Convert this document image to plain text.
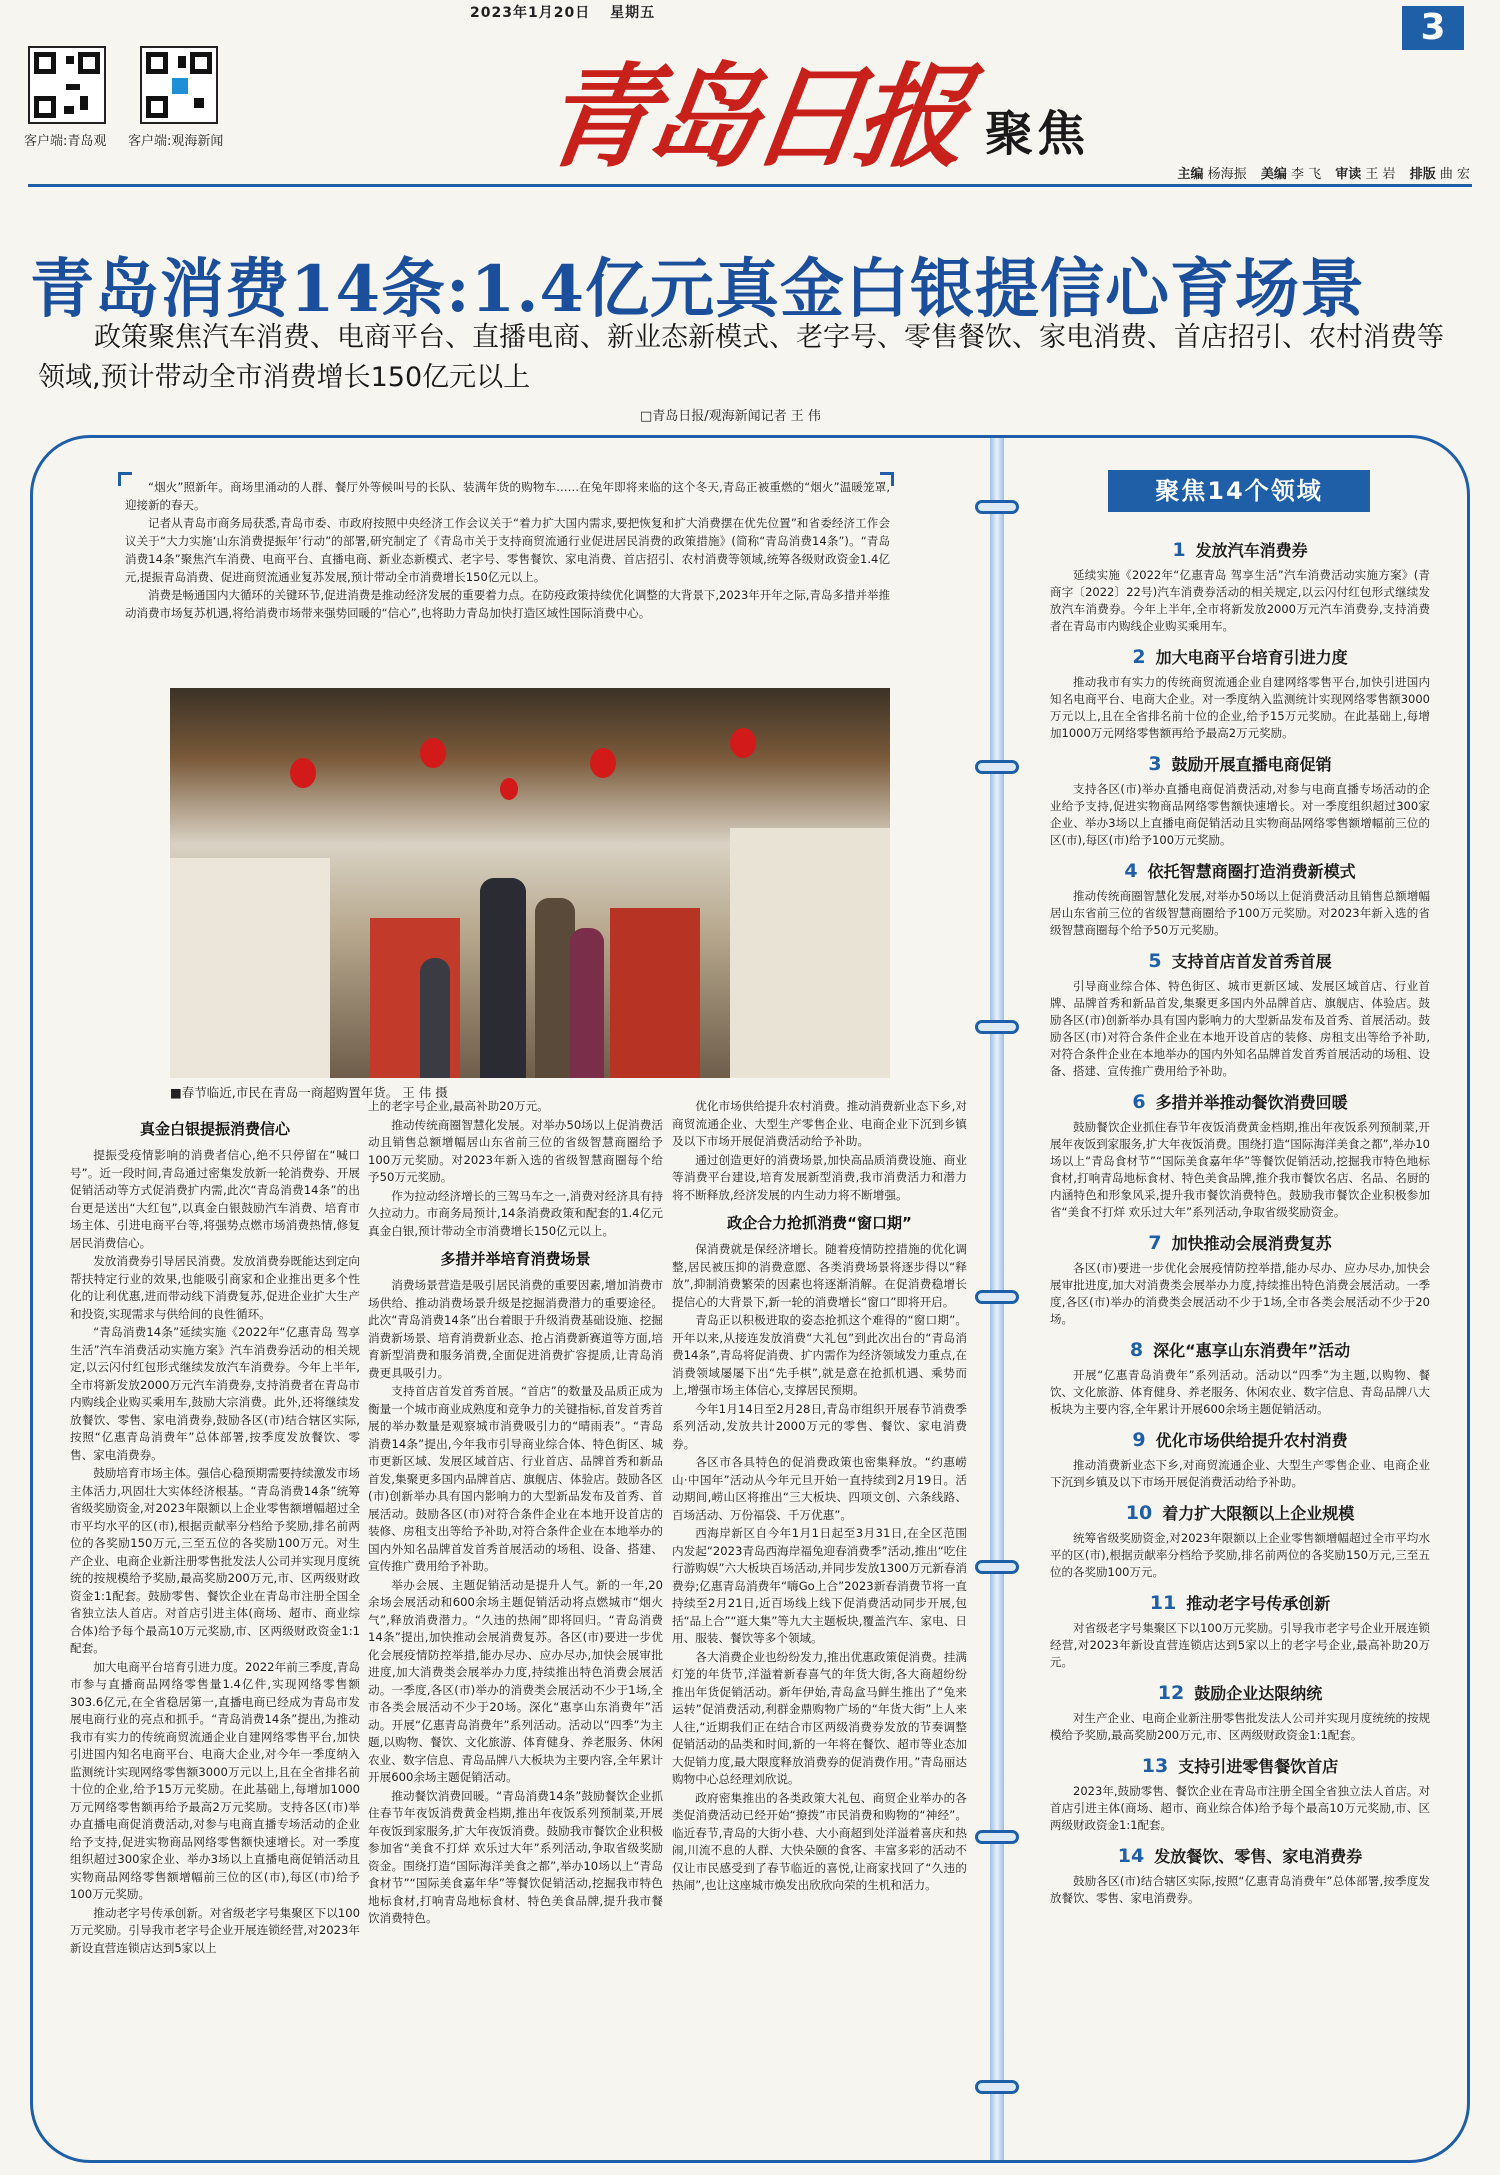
2023年1月20日 星期五	3
客户端:青岛观 客户端:观海新闻	青岛日报 聚焦
主编 杨海振 美编 李 飞 审读 王 岩 排版 曲 宏
青岛消费14条:1.4亿元真金白银提信心育场景
政策聚焦汽车消费、电商平台、直播电商、新业态新模式、老字号、零售餐饮、家电消费、首店招引、农村消费等领域,预计带动全市消费增长150亿元以上
□青岛日报/观海新闻记者 王 伟

“烟火”照新年。商场里涌动的人群、餐厅外等候叫号的长队、装满年货的购物车……在兔年即将来临的这个冬天,青岛正被重燃的“烟火”温暖笼罩,迎接新的春天。

记者从青岛市商务局获悉,青岛市委、市政府按照中央经济工作会议关于“着力扩大国内需求,要把恢复和扩大消费摆在优先位置”和省委经济工作会议关于“大力实施‘山东消费提振年’行动”的部署,研究制定了《青岛市关于支持商贸流通行业促进居民消费的政策措施》(简称“青岛消费14条”)。“青岛消费14条”聚焦汽车消费、电商平台、直播电商、新业态新模式、老字号、零售餐饮、家电消费、首店招引、农村消费等领域,统筹各级财政资金1.4亿元,提振青岛消费、促进商贸流通业复苏发展,预计带动全市消费增长150亿元以上。

消费是畅通国内大循环的关键环节,促进消费是推动经济发展的重要着力点。在防疫政策持续优化调整的大背景下,2023年开年之际,青岛多措并举推动消费市场复苏机遇,将给消费市场带来强势回暖的“信心”,也将助力青岛加快打造区域性国际消费中心。

■春节临近,市民在青岛一商超购置年货。 王 伟 摄
真金白银提振消费信心

提振受疫情影响的消费者信心,绝不只停留在“喊口号”。近一段时间,青岛通过密集发放新一轮消费券、开展促销活动等方式促消费扩内需,此次“青岛消费14条”的出台更是送出“大红包”,以真金白银鼓励汽车消费、培育市场主体、引进电商平台等,将强势点燃市场消费热情,修复居民消费信心。

发放消费券引导居民消费。发放消费券既能达到定向帮扶特定行业的效果,也能吸引商家和企业推出更多个性化的让利优惠,进而带动线下消费复苏,促进企业扩大生产和投资,实现需求与供给间的良性循环。

“青岛消费14条”延续实施《2022年“亿惠青岛 驾享生活”汽车消费活动实施方案》汽车消费券活动的相关规定,以云闪付红包形式继续发放汽车消费券。今年上半年,全市将新发放2000万元汽车消费券,支持消费者在青岛市内购线企业购买乘用车,鼓励大宗消费。此外,还将继续发放餐饮、零售、家电消费券,鼓励各区(市)结合辖区实际,按照“亿惠青岛消费年”总体部署,按季度发放餐饮、零售、家电消费券。

鼓励培育市场主体。强信心稳预期需要持续激发市场主体活力,巩固壮大实体经济根基。“青岛消费14条”统筹省级奖励资金,对2023年限额以上企业零售额增幅超过全市平均水平的区(市),根据贡献率分档给予奖励,排名前两位的各奖励150万元,三至五位的各奖励100万元。对生产企业、电商企业新注册零售批发法人公司并实现月度统统的按规模给予奖励,最高奖励200万元,市、区两级财政资金1:1配套。鼓励零售、餐饮企业在青岛市注册全国全省独立法人首店。对首店引进主体(商场、超市、商业综合体)给予每个最高10万元奖励,市、区两级财政资金1:1配套。

加大电商平台培育引进力度。2022年前三季度,青岛市参与直播商品网络零售量1.4亿件,实现网络零售额303.6亿元,在全省稳居第一,直播电商已经成为青岛市发展电商行业的亮点和抓手。“青岛消费14条”提出,为推动我市有实力的传统商贸流通企业自建网络零售平台,加快引进国内知名电商平台、电商大企业,对今年一季度纳入监测统计实现网络零售额3000万元以上,且在全省排名前十位的企业,给予15万元奖励。在此基础上,每增加1000万元网络零售额再给予最高2万元奖励。支持各区(市)举办直播电商促消费活动,对参与电商直播专场活动的企业给予支持,促进实物商品网络零售额快速增长。对一季度组织超过300家企业、举办3场以上直播电商促销活动且实物商品网络零售额增幅前三位的区(市),每区(市)给予100万元奖励。

推动老字号传承创新。对省级老字号集聚区下以100万元奖励。引导我市老字号企业开展连锁经营,对2023年新设直营连锁店达到5家以上

上的老字号企业,最高补助20万元。

推动传统商圈智慧化发展。对举办50场以上促消费活动且销售总额增幅居山东省前三位的省级智慧商圈给予100万元奖励。对2023年新入选的省级智慧商圈每个给予50万元奖励。

作为拉动经济增长的三驾马车之一,消费对经济具有持久拉动力。市商务局预计,14条消费政策和配套的1.4亿元真金白银,预计带动全市消费增长150亿元以上。

多措并举培育消费场景

消费场景营造是吸引居民消费的重要因素,增加消费市场供给、推动消费场景升级是挖掘消费潜力的重要途径。此次“青岛消费14条”出台着眼于升级消费基础设施、挖掘消费新场景、培育消费新业态、抢占消费新赛道等方面,培育新型消费和服务消费,全面促进消费扩容提质,让青岛消费更具吸引力。

支持首店首发首秀首展。“首店”的数量及品质正成为衡量一个城市商业成熟度和竞争力的关键指标,首发首秀首展的举办数量是观察城市消费吸引力的“晴雨表”。“青岛消费14条”提出,今年我市引导商业综合体、特色街区、城市更新区域、发展区域首店、行业首店、品牌首秀和新品首发,集聚更多国内品牌首店、旗舰店、体验店。鼓励各区(市)创新举办具有国内影响力的大型新品发布及首秀、首展活动。鼓励各区(市)对符合条件企业在本地开设首店的装修、房租支出等给予补助,对符合条件企业在本地举办的国内外知名品牌首发首秀首展活动的场租、设备、搭建、宣传推广费用给予补助。

举办会展、主题促销活动是提升人气。新的一年,20余场会展活动和600余场主题促销活动将点燃城市“烟火气”,释放消费潜力。“久违的热闹”即将回归。“青岛消费14条”提出,加快推动会展消费复苏。各区(市)要进一步优化会展疫情防控举措,能办尽办、应办尽办,加快会展审批进度,加大消费类会展举办力度,持续推出特色消费会展活动。一季度,各区(市)举办的消费类会展活动不少于1场,全市各类会展活动不少于20场。深化“惠享山东消费年”活动。开展“亿惠青岛消费年”系列活动。活动以“四季”为主题,以购物、餐饮、文化旅游、体育健身、养老服务、休闲农业、数字信息、青岛品牌八大板块为主要内容,全年累计开展600余场主题促销活动。

推动餐饮消费回暖。“青岛消费14条”鼓励餐饮企业抓住春节年夜饭消费黄金档期,推出年夜饭系列预制菜,开展年夜饭到家服务,扩大年夜饭消费。鼓励我市餐饮企业积极参加省“美食不打烊 欢乐过大年”系列活动,争取省级奖励资金。围绕打造“国际海洋美食之都”,举办10场以上“青岛食材节”“国际美食嘉年华”等餐饮促销活动,挖掘我市特色地标食材,打响青岛地标食材、特色美食品牌,提升我市餐饮消费特色。

优化市场供给提升农村消费。推动消费新业态下乡,对商贸流通企业、大型生产零售企业、电商企业下沉到乡镇及以下市场开展促消费活动给予补助。

通过创造更好的消费场景,加快高品质消费设施、商业等消费平台建设,培育发展新型消费,我市消费活力和潜力将不断释放,经济发展的内生动力将不断增强。

政企合力抢抓消费“窗口期”

保消费就是保经济增长。随着疫情防控措施的优化调整,居民被压抑的消费意愿、各类消费场景将逐步得以“释放”,抑制消费繁荣的因素也将逐渐消解。在促消费稳增长提信心的大背景下,新一轮的消费增长“窗口”即将开启。

青岛正以积极进取的姿态抢抓这个难得的“窗口期”。开年以来,从接连发放消费“大礼包”到此次出台的“青岛消费14条”,青岛将促消费、扩内需作为经济领域发力重点,在消费领域屡屡下出“先手棋”,就是意在抢抓机遇、乘势而上,增强市场主体信心,支撑居民预期。

今年1月14日至2月28日,青岛市组织开展春节消费季系列活动,发放共计2000万元的零售、餐饮、家电消费券。

各区市各具特色的促消费政策也密集释放。“约惠崂山·中国年”活动从今年元旦开始一直持续到2月19日。活动期间,崂山区将推出“三大板块、四项文创、六条线路、百场活动、万份福袋、千万优惠”。

西海岸新区自今年1月1日起至3月31日,在全区范围内发起“2023青岛西海岸福兔迎春消费季”活动,推出“吃住行游购娱”六大板块百场活动,并同步发放1300万元新春消费券;亿惠青岛消费年“嗨Go上合”2023新春消费节将一直持续至2月21日,近百场线上线下促消费活动同步开展,包括“品上合”“逛大集”等九大主题板块,覆盖汽车、家电、日用、服装、餐饮等多个领域。

各大消费企业也纷纷发力,推出优惠政策促消费。挂满灯笼的年货节,洋溢着新春喜气的年货大街,各大商超纷纷推出年货促销活动。新年伊始,青岛盒马鲜生推出了“兔来运转”促消费活动,利群金鼎购物广场的“年货大街”上人来人往,“近期我们正在结合市区两级消费券发放的节奏调整促销活动的品类和时间,新的一年将在餐饮、超市等业态加大促销力度,最大限度释放消费券的促消费作用。”青岛丽达购物中心总经理刘欣说。

政府密集推出的各类政策大礼包、商贸企业举办的各类促消费活动已经开始“撩拨”市民消费和购物的“神经”。临近春节,青岛的大街小巷、大小商超到处洋溢着喜庆和热闹,川流不息的人群、大快朵颐的食客、丰富多彩的活动不仅让市民感受到了春节临近的喜悦,让商家找回了“久违的热闹”,也让这座城市焕发出欣欣向荣的生机和活力。

聚焦14个领域
1 发放汽车消费券

延续实施《2022年“亿惠青岛 驾享生活”汽车消费活动实施方案》(青商字〔2022〕22号)汽车消费券活动的相关规定,以云闪付红包形式继续发放汽车消费券。今年上半年,全市将新发放2000万元汽车消费券,支持消费者在青岛市内购线企业购买乘用车。

2 加大电商平台培育引进力度

推动我市有实力的传统商贸流通企业自建网络零售平台,加快引进国内知名电商平台、电商大企业。对一季度纳入监测统计实现网络零售额3000万元以上,且在全省排名前十位的企业,给予15万元奖励。在此基础上,每增加1000万元网络零售额再给予最高2万元奖励。

3 鼓励开展直播电商促销

支持各区(市)举办直播电商促消费活动,对参与电商直播专场活动的企业给予支持,促进实物商品网络零售额快速增长。对一季度组织超过300家企业、举办3场以上直播电商促销活动且实物商品网络零售额增幅前三位的区(市),每区(市)给予100万元奖励。

4 依托智慧商圈打造消费新模式

推动传统商圈智慧化发展,对举办50场以上促消费活动且销售总额增幅居山东省前三位的省级智慧商圈给予100万元奖励。对2023年新入选的省级智慧商圈每个给予50万元奖励。

5 支持首店首发首秀首展

引导商业综合体、特色街区、城市更新区域、发展区域首店、行业首牌、品牌首秀和新品首发,集聚更多国内外品牌首店、旗舰店、体验店。鼓励各区(市)创新举办具有国内影响力的大型新品发布及首秀、首展活动。鼓励各区(市)对符合条件企业在本地开设首店的装修、房租支出等给予补助,对符合条件企业在本地举办的国内外知名品牌首发首秀首展活动的场租、设备、搭建、宣传推广费用给予补助。

6 多措并举推动餐饮消费回暖

鼓励餐饮企业抓住春节年夜饭消费黄金档期,推出年夜饭系列预制菜,开展年夜饭到家服务,扩大年夜饭消费。围绕打造“国际海洋美食之都”,举办10场以上“青岛食材节”“国际美食嘉年华”等餐饮促销活动,挖掘我市特色地标食材,打响青岛地标食材、特色美食品牌,推介我市餐饮名店、名品、名厨的内涵特色和形象风采,提升我市餐饮消费特色。鼓励我市餐饮企业积极参加省“美食不打烊 欢乐过大年”系列活动,争取省级奖励资金。

7 加快推动会展消费复苏

各区(市)要进一步优化会展疫情防控举措,能办尽办、应办尽办,加快会展审批进度,加大对消费类会展举办力度,持续推出特色消费会展活动。一季度,各区(市)举办的消费类会展活动不少于1场,全市各类会展活动不少于20场。

8 深化“惠享山东消费年”活动

开展“亿惠青岛消费年”系列活动。活动以“四季”为主题,以购物、餐饮、文化旅游、体育健身、养老服务、休闲农业、数字信息、青岛品牌八大板块为主要内容,全年累计开展600余场主题促销活动。

9 优化市场供给提升农村消费

推动消费新业态下乡,对商贸流通企业、大型生产零售企业、电商企业下沉到乡镇及以下市场开展促消费活动给予补助。

10 着力扩大限额以上企业规模

统筹省级奖励资金,对2023年限额以上企业零售额增幅超过全市平均水平的区(市),根据贡献率分档给予奖励,排名前两位的各奖励150万元,三至五位的各奖励100万元。

11 推动老字号传承创新

对省级老字号集聚区下以100万元奖励。引导我市老字号企业开展连锁经营,对2023年新设直营连锁店达到5家以上的老字号企业,最高补助20万元。

12 鼓励企业达限纳统

对生产企业、电商企业新注册零售批发法人公司并实现月度统统的按规模给予奖励,最高奖励200万元,市、区两级财政资金1:1配套。

13 支持引进零售餐饮首店

2023年,鼓励零售、餐饮企业在青岛市注册全国全省独立法人首店。对首店引进主体(商场、超市、商业综合体)给予每个最高10万元奖励,市、区两级财政资金1:1配套。

14 发放餐饮、零售、家电消费券

鼓励各区(市)结合辖区实际,按照“亿惠青岛消费年”总体部署,按季度发放餐饮、零售、家电消费券。
